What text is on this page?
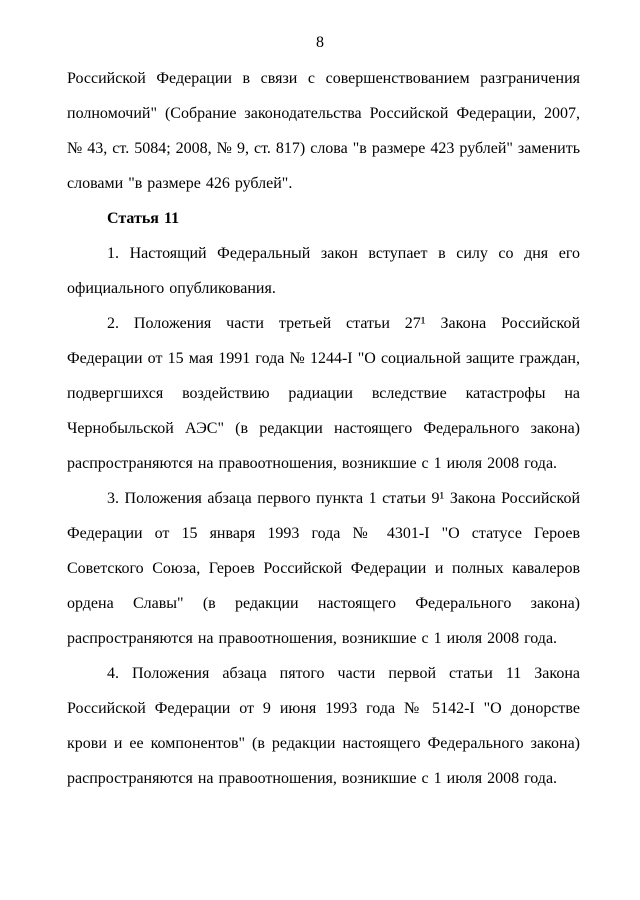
8

Российской Федерации в связи с совершенствованием разграничения полномочий" (Собрание законодательства Российской Федерации, 2007, № 43, ст. 5084; 2008, № 9, ст. 817) слова "в размере 423 рублей" заменить словами "в размере 426 рублей".

Статья 11

1. Настоящий Федеральный закон вступает в силу со дня его официального опубликования.

2. Положения части третьей статьи 27¹ Закона Российской Федерации от 15 мая 1991 года № 1244-I "О социальной защите граждан, подвергшихся воздействию радиации вследствие катастрофы на Чернобыльской АЭС" (в редакции настоящего Федерального закона) распространяются на правоотношения, возникшие с 1 июля 2008 года.

3. Положения абзаца первого пункта 1 статьи 9¹ Закона Российской Федерации от 15 января 1993 года № 4301-I "О статусе Героев Советского Союза, Героев Российской Федерации и полных кавалеров ордена Славы" (в редакции настоящего Федерального закона) распространяются на правоотношения, возникшие с 1 июля 2008 года.

4. Положения абзаца пятого части первой статьи 11 Закона Российской Федерации от 9 июня 1993 года № 5142-I "О донорстве крови и ее компонентов" (в редакции настоящего Федерального закона) распространяются на правоотношения, возникшие с 1 июля 2008 года.
